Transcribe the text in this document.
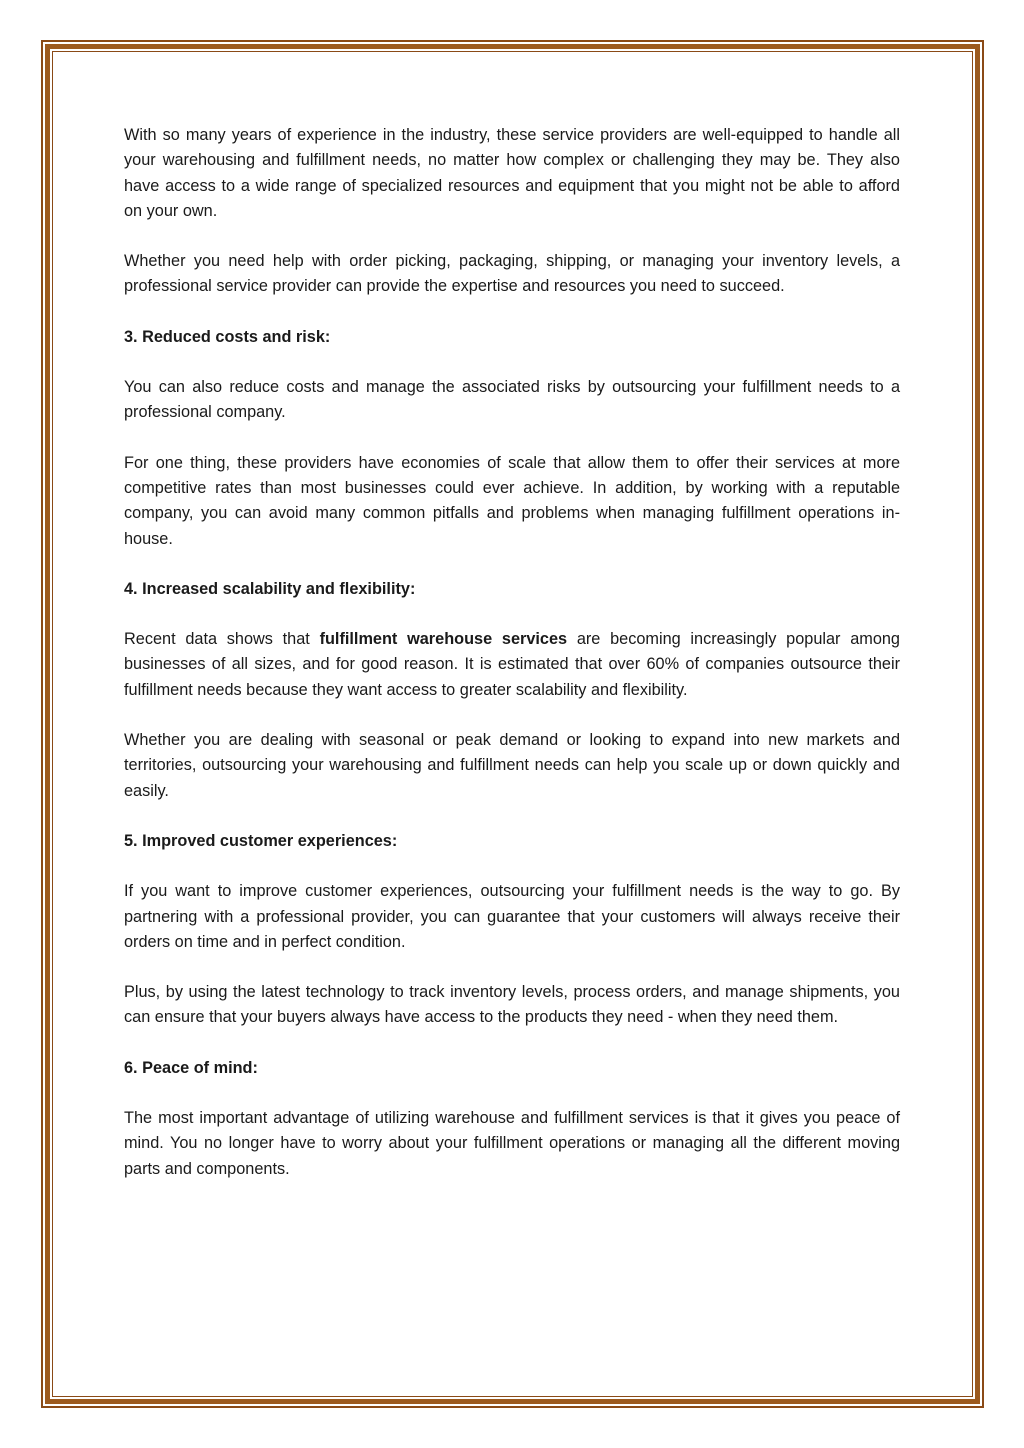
With so many years of experience in the industry, these service providers are well-equipped to handle all your warehousing and fulfillment needs, no matter how complex or challenging they may be. They also have access to a wide range of specialized resources and equipment that you might not be able to afford on your own.

Whether you need help with order picking, packaging, shipping, or managing your inventory levels, a professional service provider can provide the expertise and resources you need to succeed.

3. Reduced costs and risk:

You can also reduce costs and manage the associated risks by outsourcing your fulfillment needs to a professional company.

For one thing, these providers have economies of scale that allow them to offer their services at more competitive rates than most businesses could ever achieve. In addition, by working with a reputable company, you can avoid many common pitfalls and problems when managing fulfillment operations in-house.

4. Increased scalability and flexibility:

Recent data shows that fulfillment warehouse services are becoming increasingly popular among businesses of all sizes, and for good reason. It is estimated that over 60% of companies outsource their fulfillment needs because they want access to greater scalability and flexibility.

Whether you are dealing with seasonal or peak demand or looking to expand into new markets and territories, outsourcing your warehousing and fulfillment needs can help you scale up or down quickly and easily.

5. Improved customer experiences:

If you want to improve customer experiences, outsourcing your fulfillment needs is the way to go. By partnering with a professional provider, you can guarantee that your customers will always receive their orders on time and in perfect condition.

Plus, by using the latest technology to track inventory levels, process orders, and manage shipments, you can ensure that your buyers always have access to the products they need - when they need them.

6. Peace of mind:

The most important advantage of utilizing warehouse and fulfillment services is that it gives you peace of mind. You no longer have to worry about your fulfillment operations or managing all the different moving parts and components.
